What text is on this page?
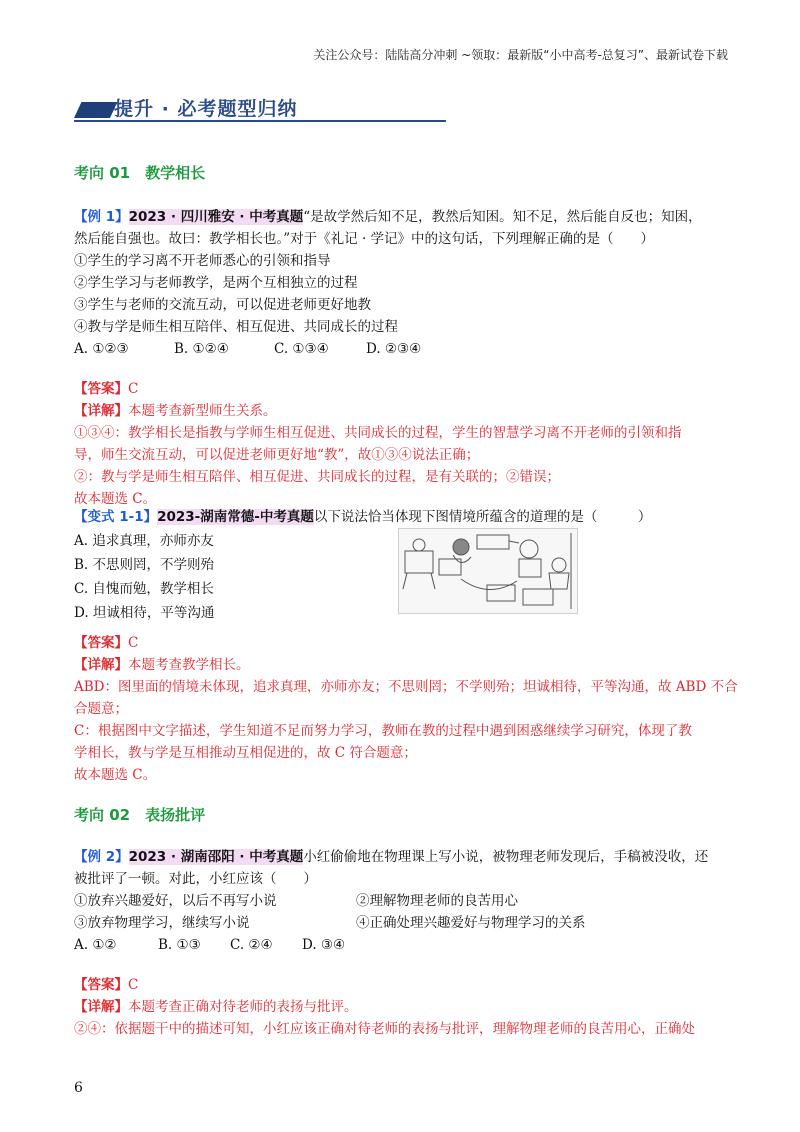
关注公众号：陆陆高分冲刺 ~领取：最新版“小中高考-总复习”、最新试卷下载
提升 · 必考题型归纳
考向 01　教学相长
【例 1】2023 · 四川雅安 · 中考真题“是故学然后知不足，教然后知困。知不足，然后能自反也；知困，
然后能自强也。故曰：教学相长也。”对于《礼记 · 学记》中的这句话，下列理解正确的是（　　）
①学生的学习离不开老师悉心的引领和指导
②学生学习与老师教学，是两个互相独立的过程
③学生与老师的交流互动，可以促进老师更好地教
④教与学是师生相互陪伴、相互促进、共同成长的过程
A. ①②③	B. ①②④	C. ①③④	D. ②③④
【答案】C
【详解】本题考查新型师生关系。
①③④：教学相长是指教与学师生相互促进、共同成长的过程，学生的智慧学习离不开老师的引领和指
导，师生交流互动，可以促进老师更好地“教”，故①③④说法正确；
②：教与学是师生相互陪伴、相互促进、共同成长的过程，是有关联的；②错误；
故本题选 C。
【变式 1-1】2023-湖南常德-中考真题以下说法恰当体现下图情境所蕴含的道理的是（　　　）
A. 追求真理，亦师亦友
B. 不思则罔，不学则殆
C. 自愧而勉，教学相长
D. 坦诚相待，平等沟通
【答案】C
【详解】本题考查教学相长。
ABD：图里面的情境未体现，追求真理，亦师亦友；不思则罔；不学则殆；坦诚相待，平等沟通，故 ABD 不合
合题意；
C：根据图中文字描述，学生知道不足而努力学习，教师在教的过程中遇到困惑继续学习研究，体现了教
学相长，教与学是互相推动互相促进的，故 C 符合题意；
故本题选 C。
考向 02　表扬批评
【例 2】2023 · 湖南邵阳 · 中考真题小红偷偷地在物理课上写小说，被物理老师发现后，手稿被没收，还
被批评了一顿。对此，小红应该（　　）
①放弃兴趣爱好，以后不再写小说	②理解物理老师的良苦用心
③放弃物理学习，继续写小说	④正确处理兴趣爱好与物理学习的关系
A. ①②	B. ①③ C. ②④ D. ③④
【答案】C
【详解】本题考查正确对待老师的表扬与批评。
②④：依据题干中的描述可知，小红应该正确对待老师的表扬与批评，理解物理老师的良苦用心，正确处
6
